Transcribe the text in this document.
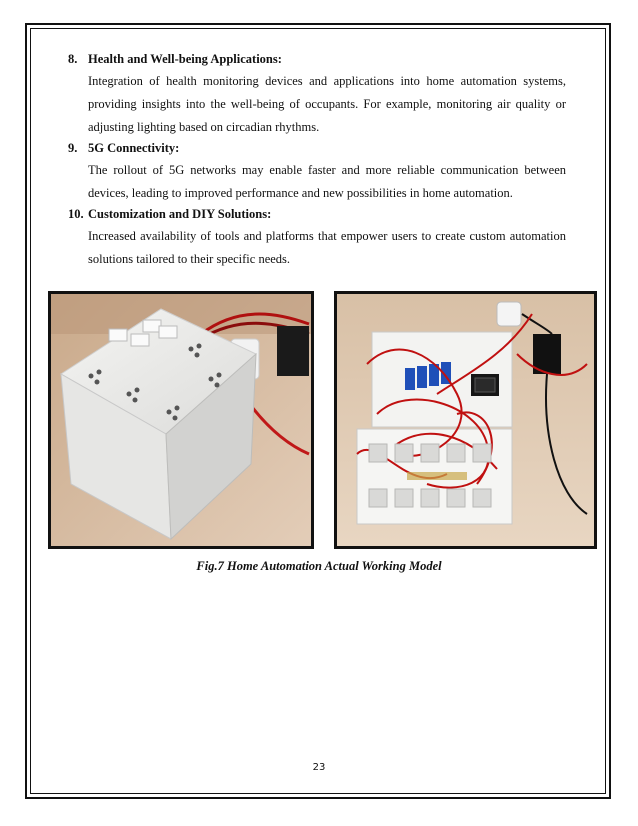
8. Health and Well-being Applications:

Integration of health monitoring devices and applications into home automation systems, providing insights into the well-being of occupants. For example, monitoring air quality or adjusting lighting based on circadian rhythms.

9. 5G Connectivity:

The rollout of 5G networks may enable faster and more reliable communication between devices, leading to improved performance and new possibilities in home automation.

10. Customization and DIY Solutions:

Increased availability of tools and platforms that empower users to create custom automation solutions tailored to their specific needs.

Fig.7 Home Automation Actual Working Model
23
